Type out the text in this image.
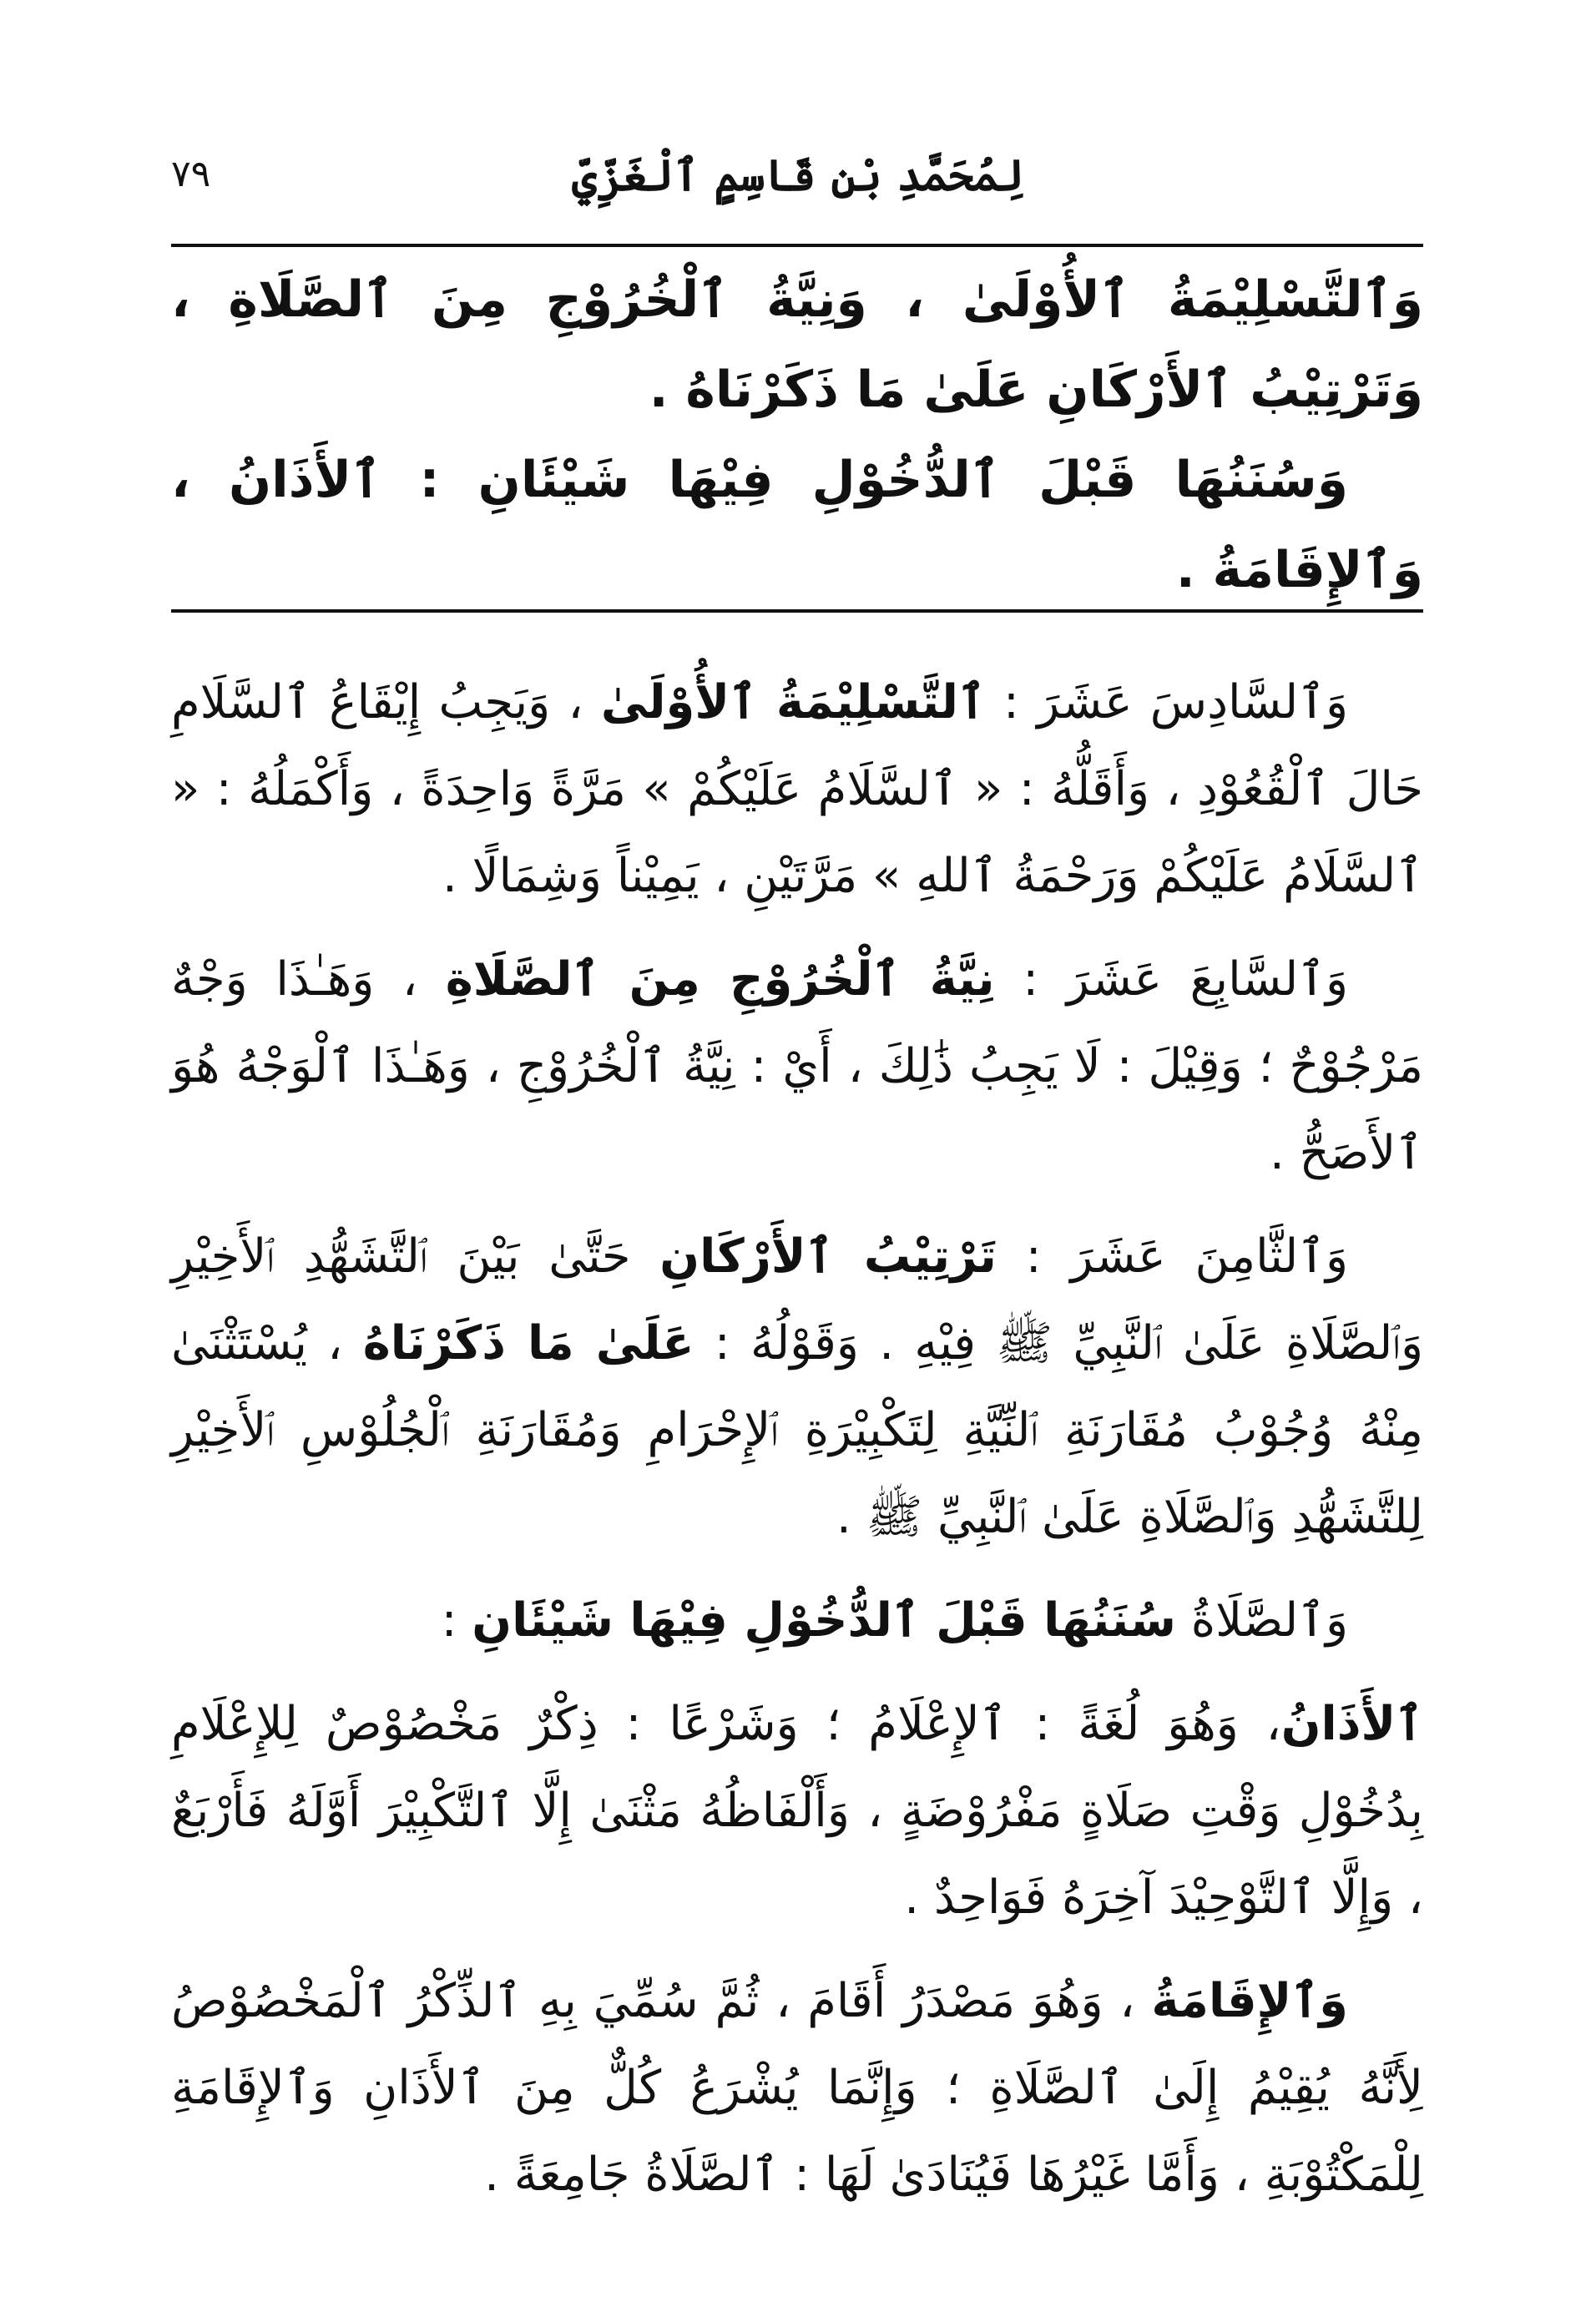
٧٩	لِمُحَمَّدِ بْنِ قَاسِمٍ ٱلْغَزِّيِّ

وَٱلتَّسْلِيْمَةُ ٱلأُوْلَىٰ ، وَنِيَّةُ ٱلْخُرُوْجِ مِنَ ٱلصَّلَاةِ ، وَتَرْتِيْبُ ٱلأَرْكَانِ عَلَىٰ مَا ذَكَرْنَاهُ .

وَسُنَنُهَا قَبْلَ ٱلدُّخُوْلِ فِيْهَا شَيْئَانِ : ٱلأَذَانُ ، وَٱلإِقَامَةُ .

وَٱلسَّادِسَ عَشَرَ : ٱلتَّسْلِيْمَةُ ٱلأُوْلَىٰ ، وَيَجِبُ إِيْقَاعُ ٱلسَّلَامِ حَالَ ٱلْقُعُوْدِ ، وَأَقَلُّهُ : « ٱلسَّلَامُ عَلَيْكُمْ » مَرَّةً وَاحِدَةً ، وَأَكْمَلُهُ : « ٱلسَّلَامُ عَلَيْكُمْ وَرَحْمَةُ ٱللهِ » مَرَّتَيْنِ ، يَمِيْناً وَشِمَالًا .

وَٱلسَّابِعَ عَشَرَ : نِيَّةُ ٱلْخُرُوْجِ مِنَ ٱلصَّلَاةِ ، وَهَـٰذَا وَجْهٌ مَرْجُوْحٌ ؛ وَقِيْلَ : لَا يَجِبُ ذَٰلِكَ ، أَيْ : نِيَّةُ ٱلْخُرُوْجِ ، وَهَـٰذَا ٱلْوَجْهُ هُوَ ٱلأَصَحُّ .

وَٱلثَّامِنَ عَشَرَ : تَرْتِيْبُ ٱلأَرْكَانِ حَتَّىٰ بَيْنَ ٱلتَّشَهُّدِ ٱلأَخِيْرِ وَٱلصَّلَاةِ عَلَىٰ ٱلنَّبِيِّ ﷺ فِيْهِ . وَقَوْلُهُ : عَلَىٰ مَا ذَكَرْنَاهُ ، يُسْتَثْنَىٰ مِنْهُ وُجُوْبُ مُقَارَنَةِ ٱلنِّيَّةِ لِتَكْبِيْرَةِ ٱلإِحْرَامِ وَمُقَارَنَةِ ٱلْجُلُوْسِ ٱلأَخِيْرِ لِلتَّشَهُّدِ وَٱلصَّلَاةِ عَلَىٰ ٱلنَّبِيِّ ﷺ .

وَٱلصَّلَاةُ سُنَنُهَا قَبْلَ ٱلدُّخُوْلِ فِيْهَا شَيْئَانِ :

ٱلأَذَانُ، وَهُوَ لُغَةً : ٱلإِعْلَامُ ؛ وَشَرْعًا : ذِكْرٌ مَخْصُوْصٌ لِلإِعْلَامِ بِدُخُوْلِ وَقْتِ صَلَاةٍ مَفْرُوْضَةٍ ، وَأَلْفَاظُهُ مَثْنَىٰ إِلَّا ٱلتَّكْبِيْرَ أَوَّلَهُ فَأَرْبَعٌ ، وَإِلَّا ٱلتَّوْحِيْدَ آخِرَهُ فَوَاحِدٌ .

وَٱلإِقَامَةُ ، وَهُوَ مَصْدَرُ أَقَامَ ، ثُمَّ سُمِّيَ بِهِ ٱلذِّكْرُ ٱلْمَخْصُوْصُ لِأَنَّهُ يُقِيْمُ إِلَىٰ ٱلصَّلَاةِ ؛ وَإِنَّمَا يُشْرَعُ كُلٌّ مِنَ ٱلأَذَانِ وَٱلإِقَامَةِ لِلْمَكْتُوْبَةِ ، وَأَمَّا غَيْرُهَا فَيُنَادَىٰ لَهَا : ٱلصَّلَاةُ جَامِعَةً .
